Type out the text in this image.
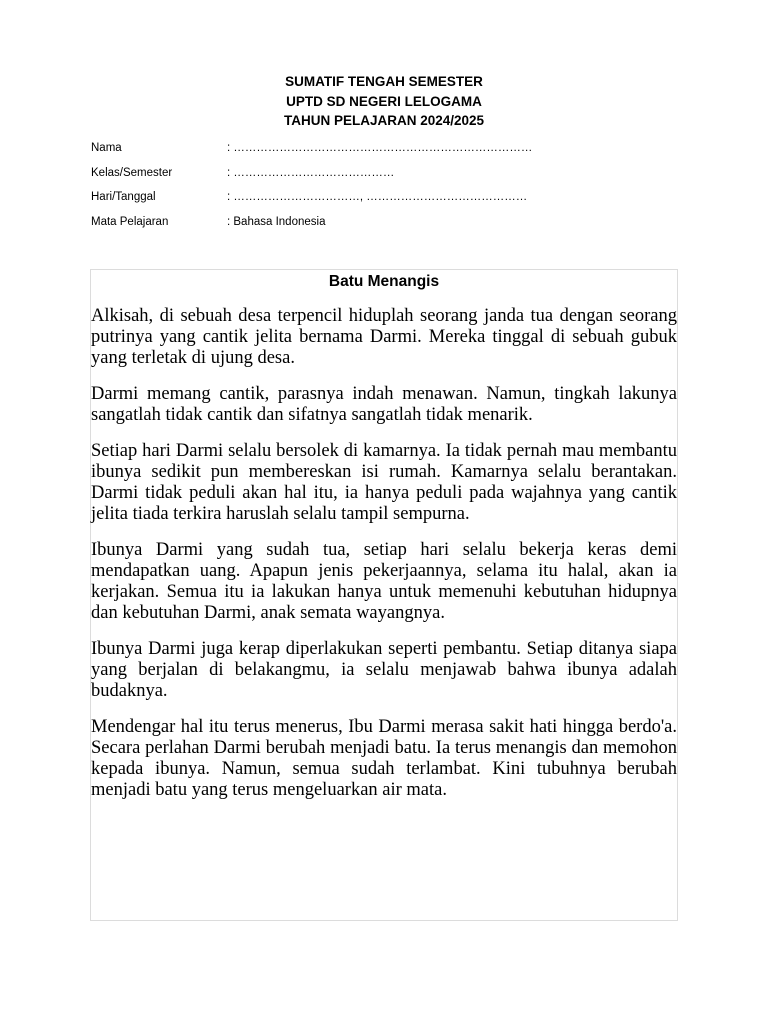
SUMATIF TENGAH SEMESTER
UPTD SD NEGERI LELOGAMA
TAHUN PELAJARAN 2024/2025
Nama	: ……………………………………………………………………
Kelas/Semester	: ……………………………………
Hari/Tanggal	: ……………………………, ……………………………………
Mata Pelajaran	: Bahasa Indonesia
Batu Menangis

Alkisah, di sebuah desa terpencil hiduplah seorang janda tua dengan seorang putrinya yang cantik jelita bernama Darmi. Mereka tinggal di sebuah gubuk yang terletak di ujung desa.

Darmi memang cantik, parasnya indah menawan. Namun, tingkah lakunya sangatlah tidak cantik dan sifatnya sangatlah tidak menarik.

Setiap hari Darmi selalu bersolek di kamarnya. Ia tidak pernah mau membantu ibunya sedikit pun membereskan isi rumah. Kamarnya selalu berantakan. Darmi tidak peduli akan hal itu, ia hanya peduli pada wajahnya yang cantik jelita tiada terkira haruslah selalu tampil sempurna.

Ibunya Darmi yang sudah tua, setiap hari selalu bekerja keras demi mendapatkan uang. Apapun jenis pekerjaannya, selama itu halal, akan ia kerjakan. Semua itu ia lakukan hanya untuk memenuhi kebutuhan hidupnya dan kebutuhan Darmi, anak semata wayangnya.

Ibunya Darmi juga kerap diperlakukan seperti pembantu. Setiap ditanya siapa yang berjalan di belakangmu, ia selalu menjawab bahwa ibunya adalah budaknya.

Mendengar hal itu terus menerus, Ibu Darmi merasa sakit hati hingga berdo'a. Secara perlahan Darmi berubah menjadi batu. Ia terus menangis dan memohon kepada ibunya. Namun, semua sudah terlambat. Kini tubuhnya berubah menjadi batu yang terus mengeluarkan air mata.
